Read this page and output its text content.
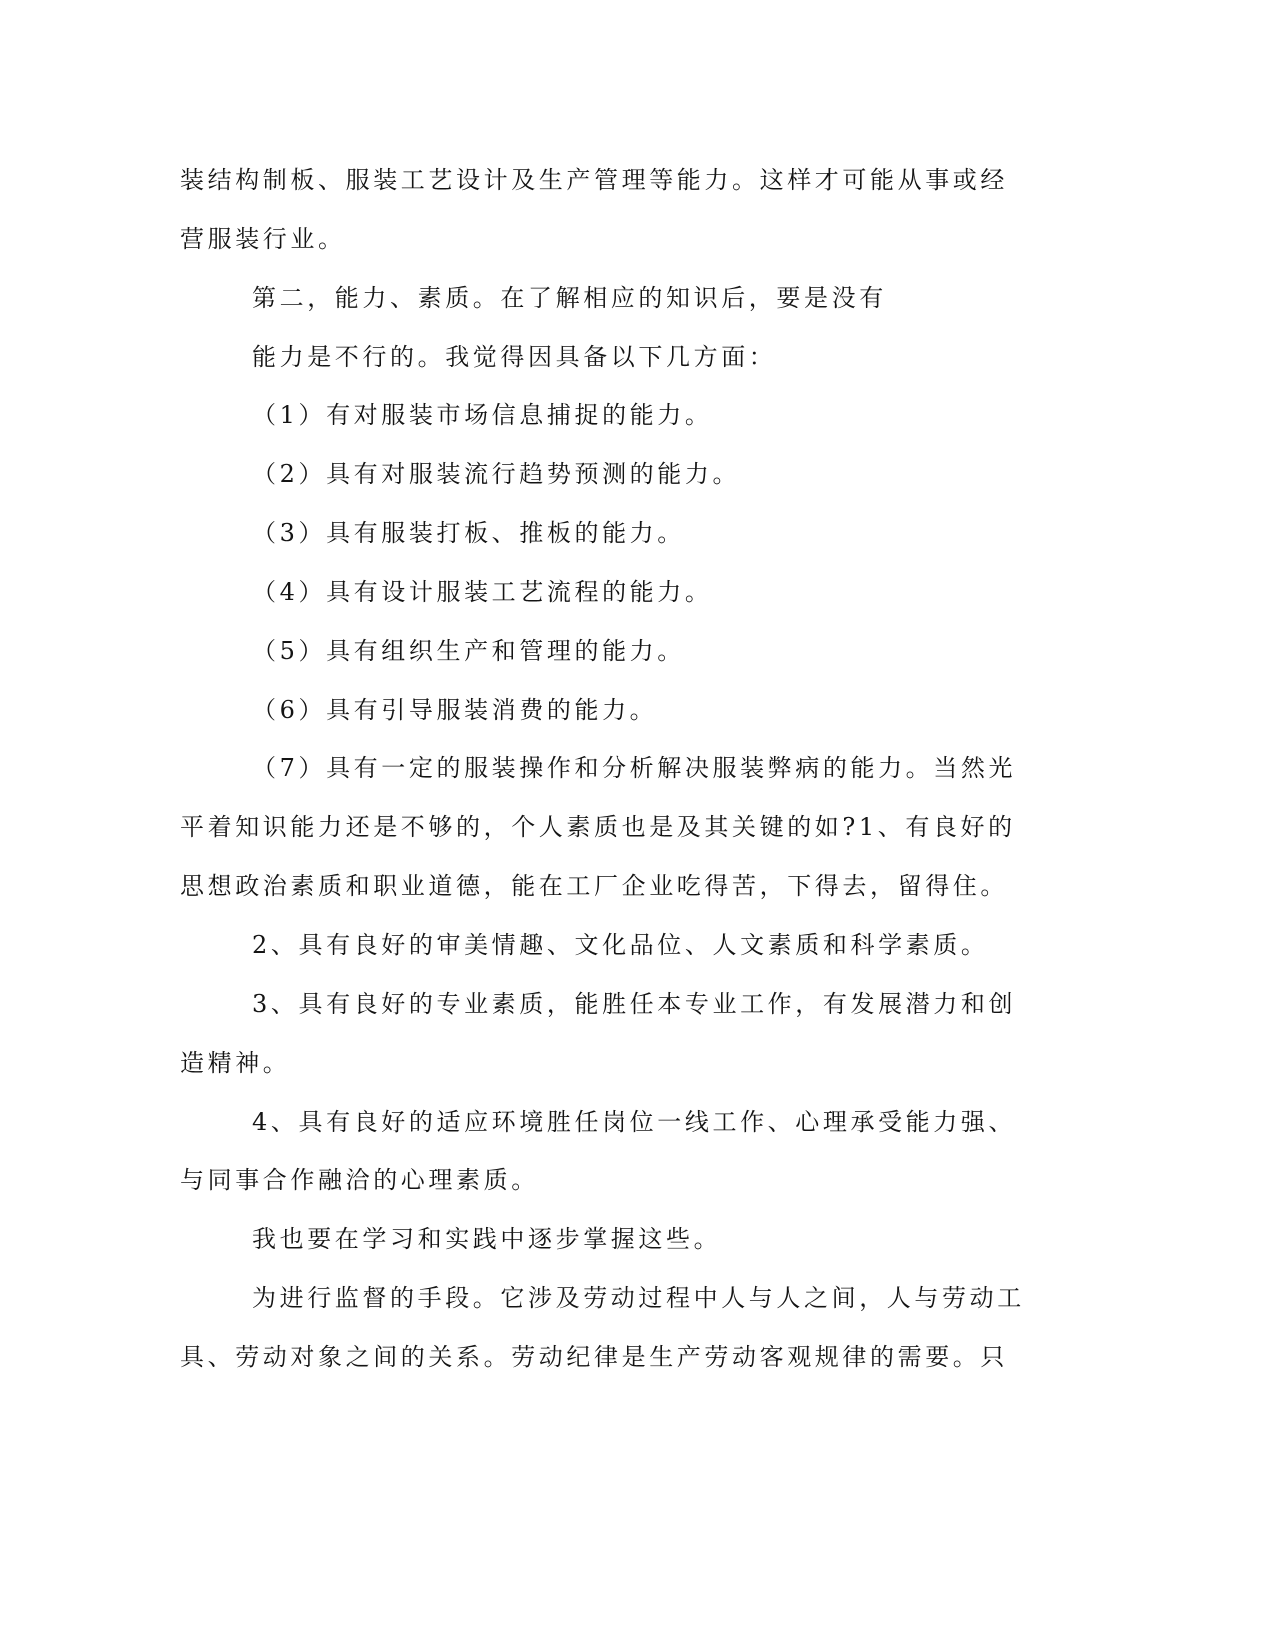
装结构制板、服装工艺设计及生产管理等能力。这样才可能从事或经
营服装行业。
第二，能力、素质。在了解相应的知识后，要是没有
能力是不行的。我觉得因具备以下几方面：
（1）有对服装市场信息捕捉的能力。
（2）具有对服装流行趋势预测的能力。
（3）具有服装打板、推板的能力。
（4）具有设计服装工艺流程的能力。
（5）具有组织生产和管理的能力。
（6）具有引导服装消费的能力。
（7）具有一定的服装操作和分析解决服装弊病的能力。当然光
平着知识能力还是不够的，个人素质也是及其关键的如?1、有良好的
思想政治素质和职业道德，能在工厂企业吃得苦，下得去，留得住。
2、具有良好的审美情趣、文化品位、人文素质和科学素质。
3、具有良好的专业素质，能胜任本专业工作，有发展潜力和创
造精神。
4、具有良好的适应环境胜任岗位一线工作、心理承受能力强、
与同事合作融洽的心理素质。
我也要在学习和实践中逐步掌握这些。
为进行监督的手段。它涉及劳动过程中人与人之间，人与劳动工
具、劳动对象之间的关系。劳动纪律是生产劳动客观规律的需要。只
